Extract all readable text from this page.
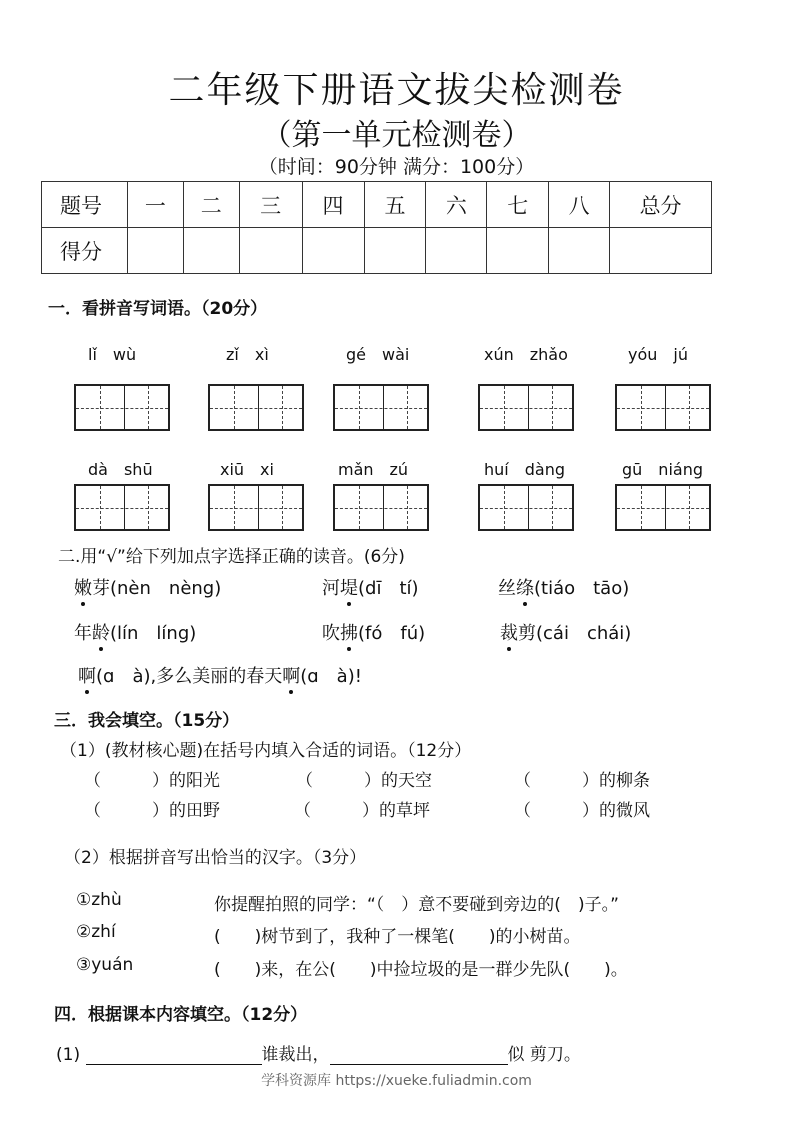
二年级下册语文拔尖检测卷
（第一单元检测卷）
（时间：90分钟 满分：100分）
题号	一	二	三	四	五	六	七	八	总分
得分									
一．看拼音写词语。（20分）
lǐ　wù	zǐ　xì	gé　wài	xún　zhǎo	yóu　jú
dà　shū	xiū　xi	mǎn　zú	huí　dàng	gū　niáng
二.用“√”给下列加点字选择正确的读音。(6分)
嫩芽(nèn　nèng)	河堤(dī　tí)	丝绦(tiáo　tāo)
年龄(lín　líng)	吹拂(fó　fú)	裁剪(cái　chái)
啊(ɑ　à),多么美丽的春天啊(ɑ　à)!
三．我会填空。（15分）
（1）(教材核心题)在括号内填入合适的词语。（12分）
（　　　）的阳光	（　　　）的天空	（　　　）的柳条
（　　　）的田野	（　　　）的草坪	（　　　）的微风
（2）根据拼音写出恰当的汉字。（3分）
①zhù	你提醒拍照的同学：“（　）意不要碰到旁边的(　)子。”
②zhí	(　　)树节到了，我种了一棵笔(　　)的小树苗。
③yuán	(　　)来，在公(　　)中捡垃圾的是一群少先队(　　)。
四．根据课本内容填空。（12分）
(1)	谁裁出，	似 剪刀。
学科资源库 https://xueke.fuliadmin.com
